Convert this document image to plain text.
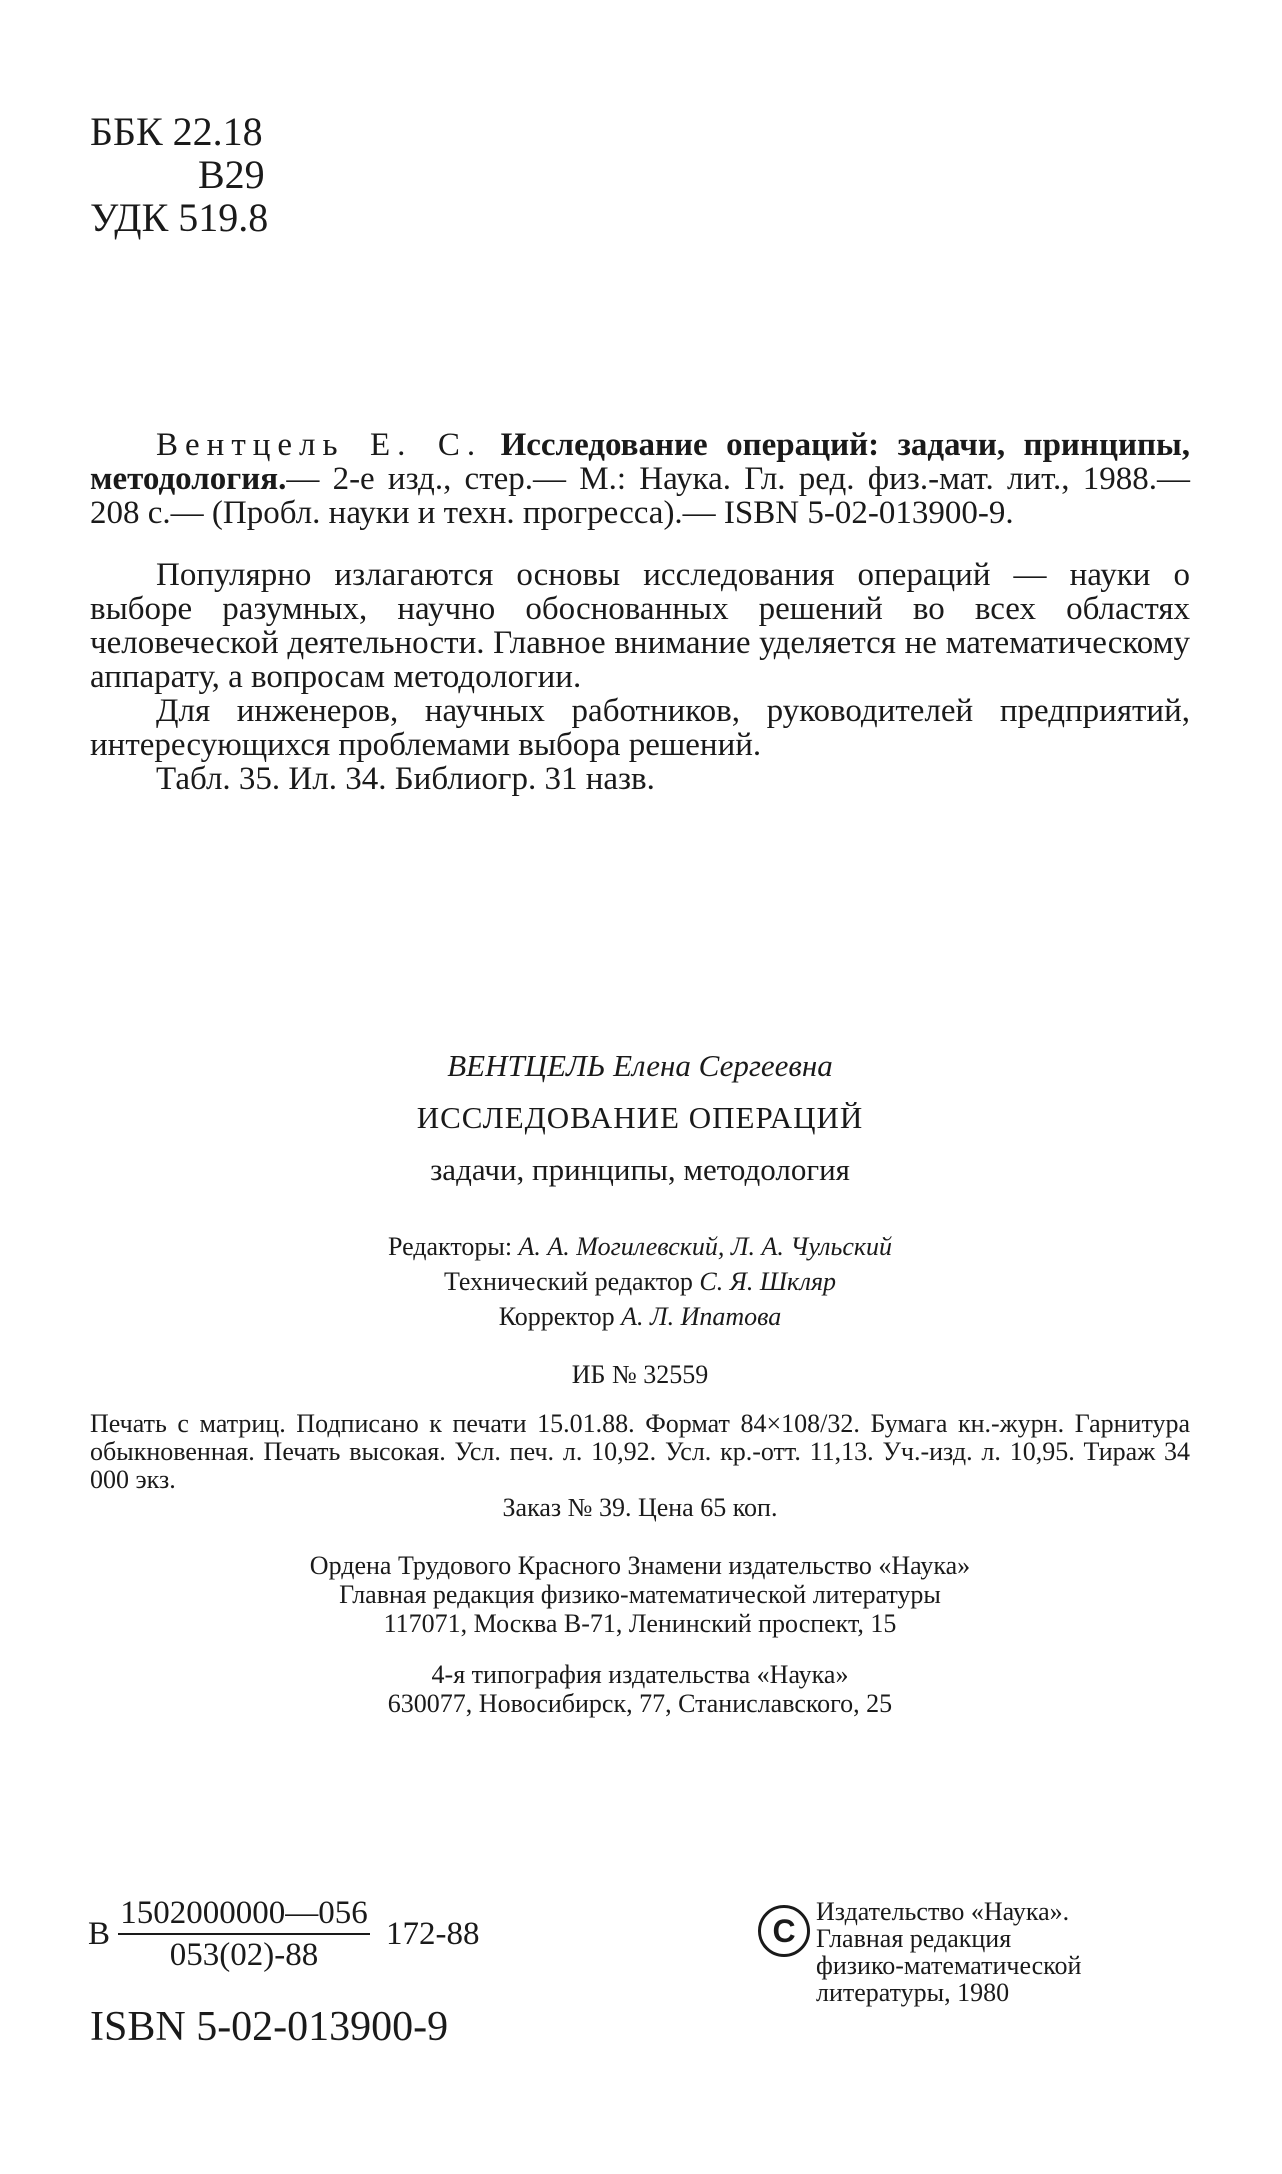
ББК 22.18
В29
УДК 519.8

Вентцель Е. С. Исследование операций: задачи, принципы, методология.— 2-е изд., стер.— М.: Наука. Гл. ред. физ.-мат. лит., 1988.— 208 с.— (Пробл. науки и техн. прогресса).— ISBN 5-02-013900-9.

Популярно излагаются основы исследования операций — науки о выборе разумных, научно обоснованных решений во всех областях человеческой деятельности. Главное внимание уделяется не математическому аппарату, а вопросам методологии.

Для инженеров, научных работников, руководителей предприятий, интересующихся проблемами выбора решений.

Табл. 35. Ил. 34. Библиогр. 31 назв.

ВЕНТЦЕЛЬ Елена Сергеевна
ИССЛЕДОВАНИЕ ОПЕРАЦИЙ
задачи, принципы, методология
Редакторы: А. А. Могилевский, Л. А. Чульский
Технический редактор С. Я. Шкляр
Корректор А. Л. Ипатова
ИБ № 32559

Печать с матриц. Подписано к печати 15.01.88. Формат 84×108/32. Бумага кн.-журн. Гарнитура обыкновенная. Печать высокая. Усл. печ. л. 10,92. Усл. кр.-отт. 11,13. Уч.-изд. л. 10,95. Тираж 34 000 экз.

Заказ № 39. Цена 65 коп.

Ордена Трудового Красного Знамени издательство «Наука»
Главная редакция физико-математической литературы
117071, Москва В-71, Ленинский проспект, 15
4-я типография издательства «Наука»
630077, Новосибирск, 77, Станиславского, 25
В $\frac{1502000000—056}{053(02)-88} 172-88$
ISBN 5-02-013900-9
C
Издательство «Наука».
Главная редакция
физико-математической
литературы, 1980
